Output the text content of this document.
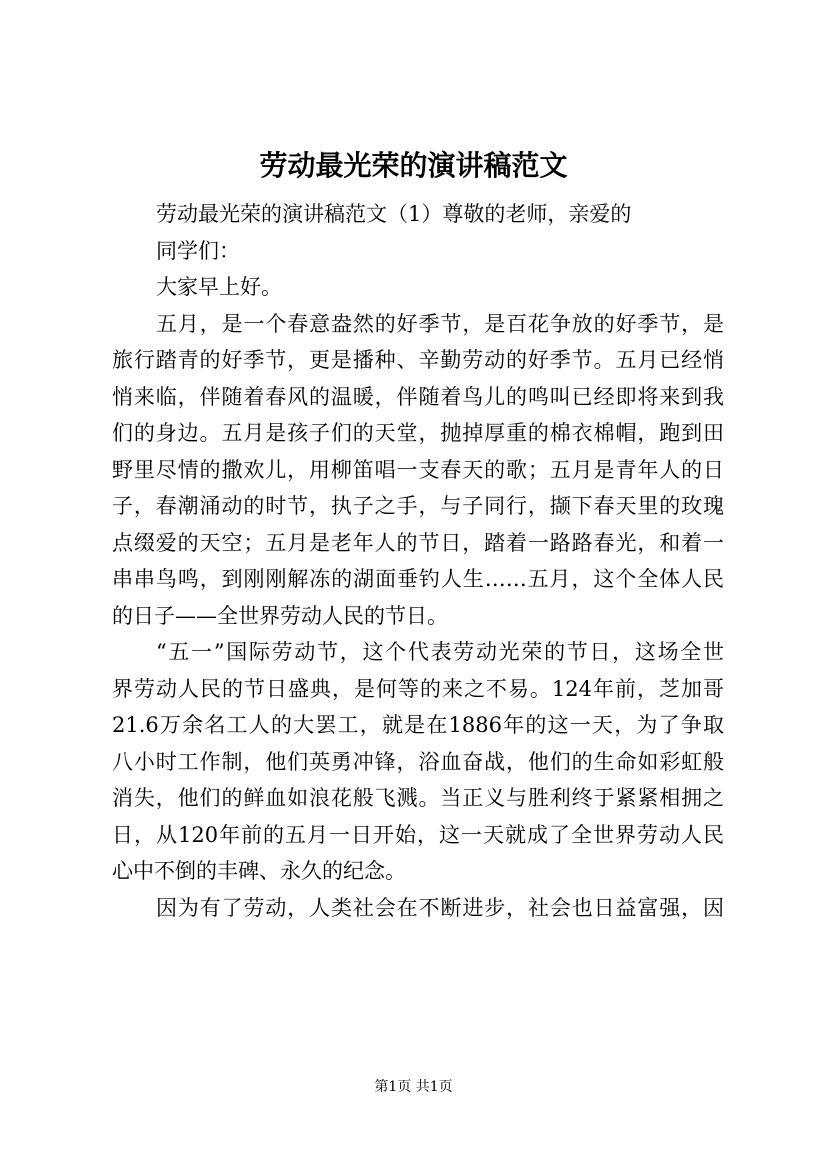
劳动最光荣的演讲稿范文
劳动最光荣的演讲稿范文（1）尊敬的老师，亲爱的
同学们：
大家早上好。
五月，是一个春意盎然的好季节，是百花争放的好季节，是
旅行踏青的好季节，更是播种、辛勤劳动的好季节。五月已经悄
悄来临，伴随着春风的温暖，伴随着鸟儿的鸣叫已经即将来到我
们的身边。五月是孩子们的天堂，抛掉厚重的棉衣棉帽，跑到田
野里尽情的撒欢儿，用柳笛唱一支春天的歌；五月是青年人的日
子，春潮涌动的时节，执子之手，与子同行，撷下春天里的玫瑰
点缀爱的天空；五月是老年人的节日，踏着一路路春光，和着一
串串鸟鸣，到刚刚解冻的湖面垂钓人生……五月，这个全体人民
的日子——全世界劳动人民的节日。
“五一”国际劳动节，这个代表劳动光荣的节日，这场全世
界劳动人民的节日盛典，是何等的来之不易。124年前，芝加哥
21.6万余名工人的大罢工，就是在1886年的这一天，为了争取
八小时工作制，他们英勇冲锋，浴血奋战，他们的生命如彩虹般
消失，他们的鲜血如浪花般飞溅。当正义与胜利终于紧紧相拥之
日，从120年前的五月一日开始，这一天就成了全世界劳动人民
心中不倒的丰碑、永久的纪念。
因为有了劳动，人类社会在不断进步，社会也日益富强，因
第1页 共1页
